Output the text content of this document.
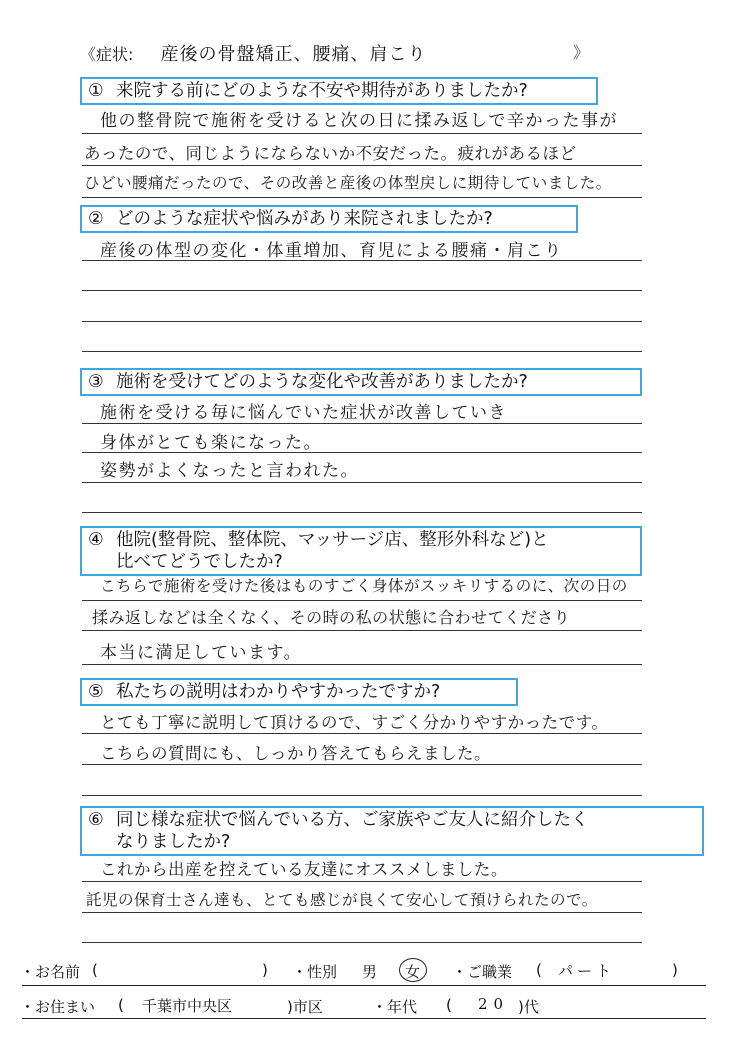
《症状: 産後の骨盤矯正、腰痛、肩こり	》
① 来院する前にどのような不安や期待がありましたか?
他の整骨院で施術を受けると次の日に揉み返しで辛かった事が
あったので、同じようにならないか不安だった。疲れがあるほど
ひどい腰痛だったので、その改善と産後の体型戻しに期待していました。
② どのような症状や悩みがあり来院されましたか?
産後の体型の変化・体重増加、育児による腰痛・肩こり
③ 施術を受けてどのような変化や改善がありましたか?
施術を受ける毎に悩んでいた症状が改善していき
身体がとても楽になった。
姿勢がよくなったと言われた。
④ 他院(整骨院、整体院、マッサージ店、整形外科など)と
比べてどうでしたか?
こちらで施術を受けた後はものすごく身体がスッキリするのに、次の日の
揉み返しなどは全くなく、その時の私の状態に合わせてくださり
本当に満足しています。
⑤ 私たちの説明はわかりやすかったですか?
とても丁寧に説明して頂けるので、すごく分かりやすかったです。
こちらの質問にも、しっかり答えてもらえました。
⑥ 同じ様な症状で悩んでいる方、ご家族やご友人に紹介したく
なりましたか?
これから出産を控えている友達にオススメしました。
託児の保育士さん達も、とても感じが良くて安心して預けられたので。
・お名前 (	) ・性別 男 女 ・ご職業 ( パート	)
・お住まい ( 千葉市中央区	)市区	・年代 ( 20 )代
